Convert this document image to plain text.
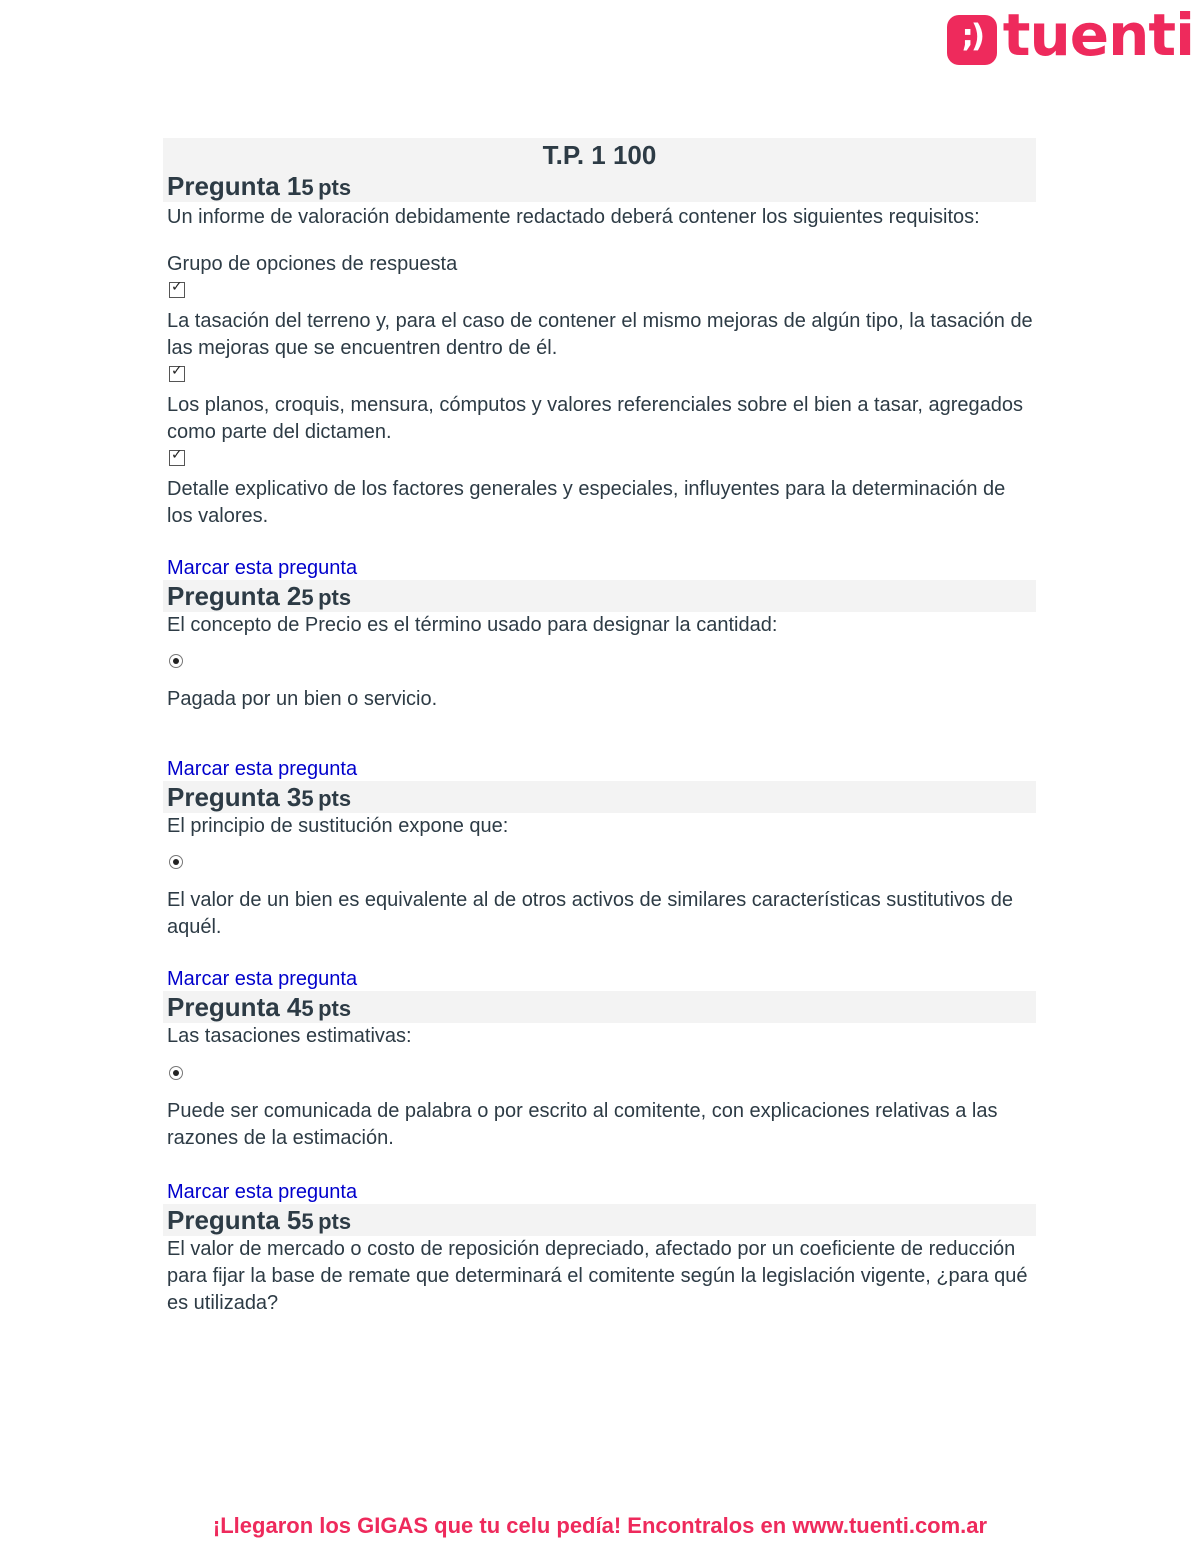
;) tuenti
T.P. 1 100
Pregunta 15 pts
Un informe de valoración debidamente redactado deberá contener los siguientes requisitos:
Grupo de opciones de respuesta
✓
La tasación del terreno y, para el caso de contener el mismo mejoras de algún tipo, la tasación de las mejoras que se encuentren dentro de él.
✓
Los planos, croquis, mensura, cómputos y valores referenciales sobre el bien a tasar, agregados como parte del dictamen.
✓
Detalle explicativo de los factores generales y especiales, influyentes para la determinación de los valores.
Marcar esta pregunta
Pregunta 25 pts
El concepto de Precio es el término usado para designar la cantidad:
Pagada por un bien o servicio.
Marcar esta pregunta
Pregunta 35 pts
El principio de sustitución expone que:
El valor de un bien es equivalente al de otros activos de similares características sustitutivos de aquél.
Marcar esta pregunta
Pregunta 45 pts
Las tasaciones estimativas:
Puede ser comunicada de palabra o por escrito al comitente, con explicaciones relativas a las razones de la estimación.
Marcar esta pregunta
Pregunta 55 pts
El valor de mercado o costo de reposición depreciado, afectado por un coeficiente de reducción para fijar la base de remate que determinará el comitente según la legislación vigente, ¿para qué es utilizada?
¡Llegaron los GIGAS que tu celu pedía! Encontralos en www.tuenti.com.ar
